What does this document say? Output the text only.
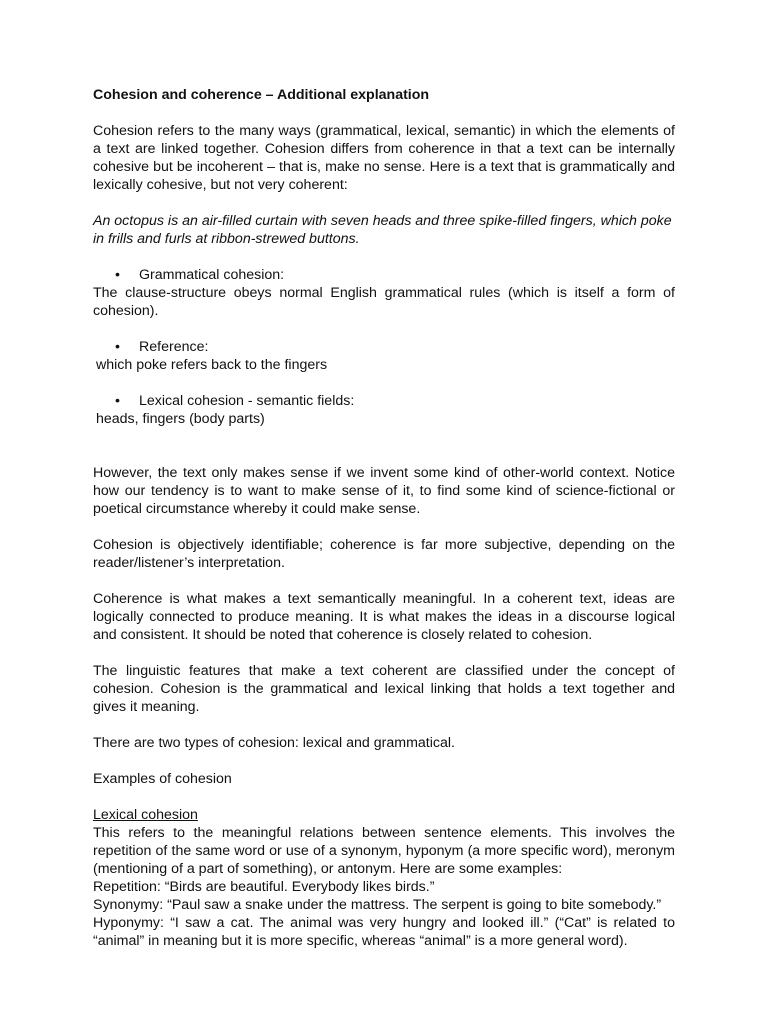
Cohesion and coherence – Additional explanation

Cohesion refers to the many ways (grammatical, lexical, semantic) in which the elements of a text are linked together. Cohesion differs from coherence in that a text can be internally cohesive but be incoherent – that is, make no sense. Here is a text that is grammatically and lexically cohesive, but not very coherent:

An octopus is an air-filled curtain with seven heads and three spike-filled fingers, which poke in frills and furls at ribbon-strewed buttons.

• Grammatical cohesion:

The clause-structure obeys normal English grammatical rules (which is itself a form of cohesion).

• Reference:

which poke refers back to the fingers

• Lexical cohesion - semantic fields:

heads, fingers (body parts)

However, the text only makes sense if we invent some kind of other-world context. Notice how our tendency is to want to make sense of it, to find some kind of science-fictional or poetical circumstance whereby it could make sense.

Cohesion is objectively identifiable; coherence is far more subjective, depending on the reader/listener’s interpretation.

Coherence is what makes a text semantically meaningful. In a coherent text, ideas are logically connected to produce meaning. It is what makes the ideas in a discourse logical and consistent. It should be noted that coherence is closely related to cohesion.

The linguistic features that make a text coherent are classified under the concept of cohesion. Cohesion is the grammatical and lexical linking that holds a text together and gives it meaning.

There are two types of cohesion: lexical and grammatical.

Examples of cohesion

Lexical cohesion

This refers to the meaningful relations between sentence elements. This involves the repetition of the same word or use of a synonym, hyponym (a more specific word), meronym (mentioning of a part of something), or antonym. Here are some examples:

Repetition: “Birds are beautiful. Everybody likes birds.”

Synonymy: “Paul saw a snake under the mattress. The serpent is going to bite somebody.”

Hyponymy: “I saw a cat. The animal was very hungry and looked ill.” (“Cat” is related to “animal” in meaning but it is more specific, whereas “animal” is a more general word).
